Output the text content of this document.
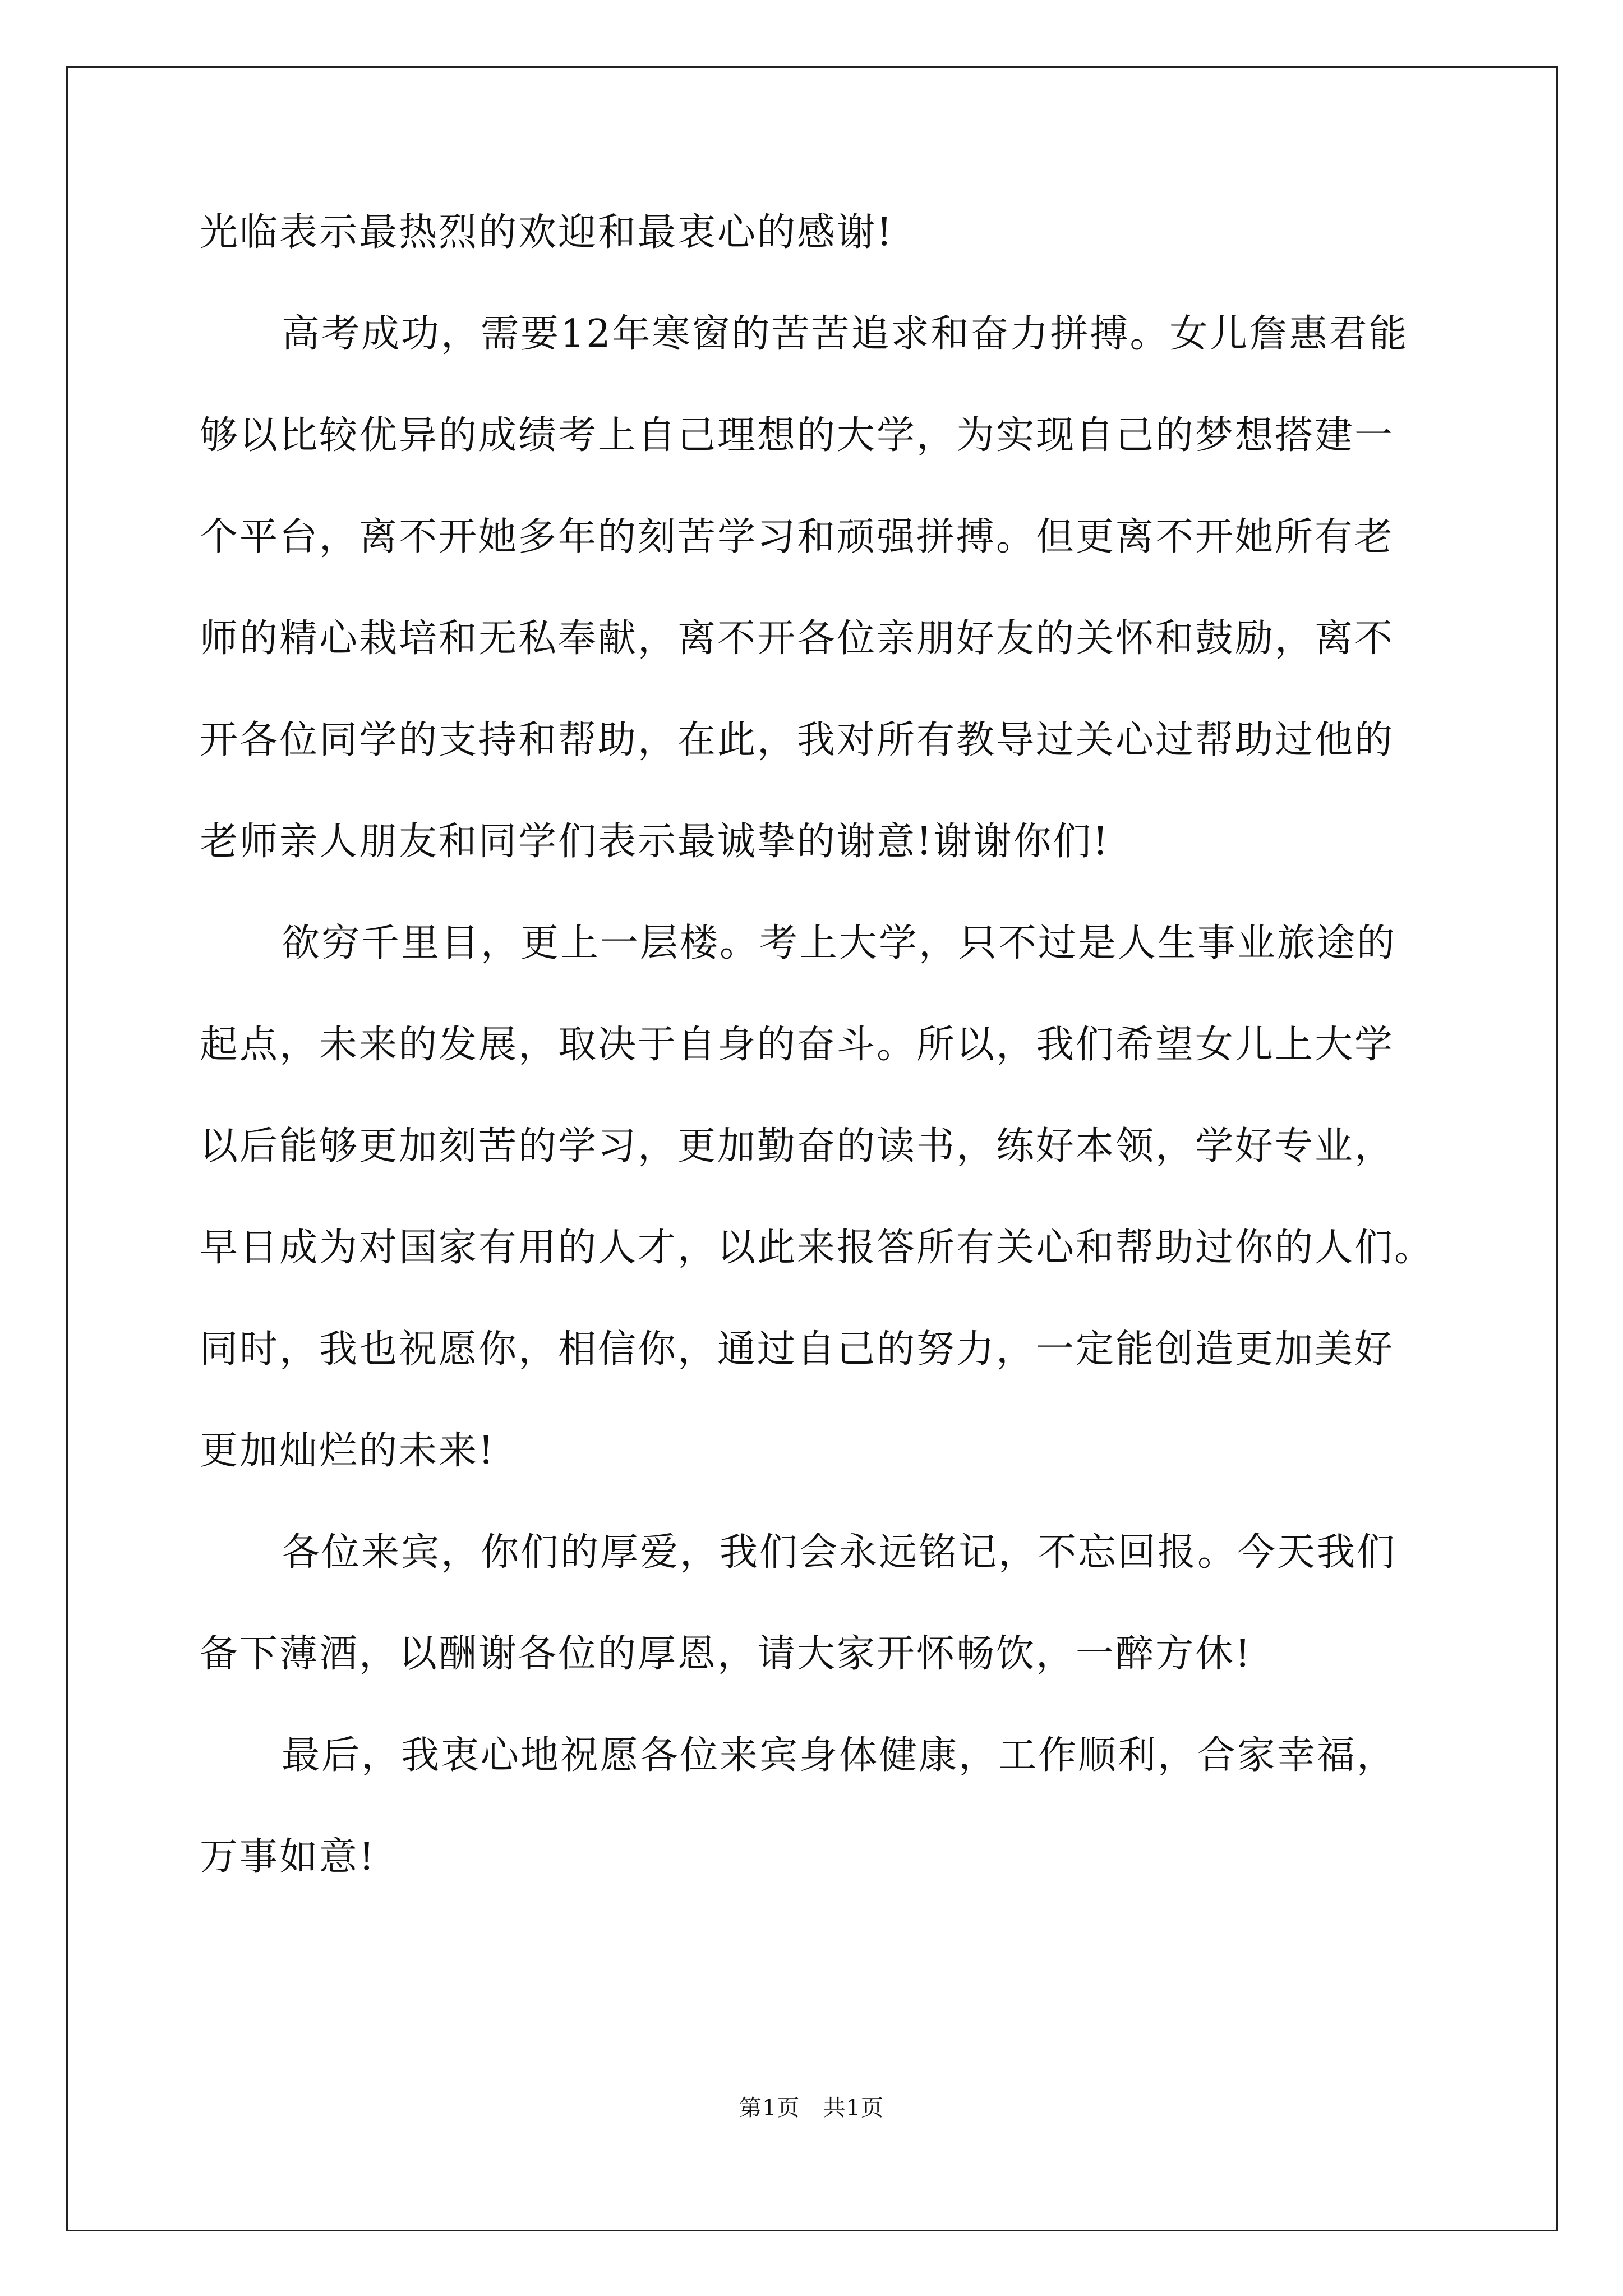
光临表示最热烈的欢迎和最衷心的感谢!
高考成功，需要12年寒窗的苦苦追求和奋力拼搏。女儿詹惠君能
够以比较优异的成绩考上自己理想的大学，为实现自己的梦想搭建一
个平台，离不开她多年的刻苦学习和顽强拼搏。但更离不开她所有老
师的精心栽培和无私奉献，离不开各位亲朋好友的关怀和鼓励，离不
开各位同学的支持和帮助，在此，我对所有教导过关心过帮助过他的
老师亲人朋友和同学们表示最诚挚的谢意!谢谢你们!
欲穷千里目，更上一层楼。考上大学，只不过是人生事业旅途的
起点，未来的发展，取决于自身的奋斗。所以，我们希望女儿上大学
以后能够更加刻苦的学习，更加勤奋的读书，练好本领，学好专业，
早日成为对国家有用的人才，以此来报答所有关心和帮助过你的人们。
同时，我也祝愿你，相信你，通过自己的努力，一定能创造更加美好
更加灿烂的未来!
各位来宾，你们的厚爱，我们会永远铭记，不忘回报。今天我们
备下薄酒，以酬谢各位的厚恩，请大家开怀畅饮，一醉方休!
最后，我衷心地祝愿各位来宾身体健康，工作顺利，合家幸福，
万事如意!
第1页   共1页
